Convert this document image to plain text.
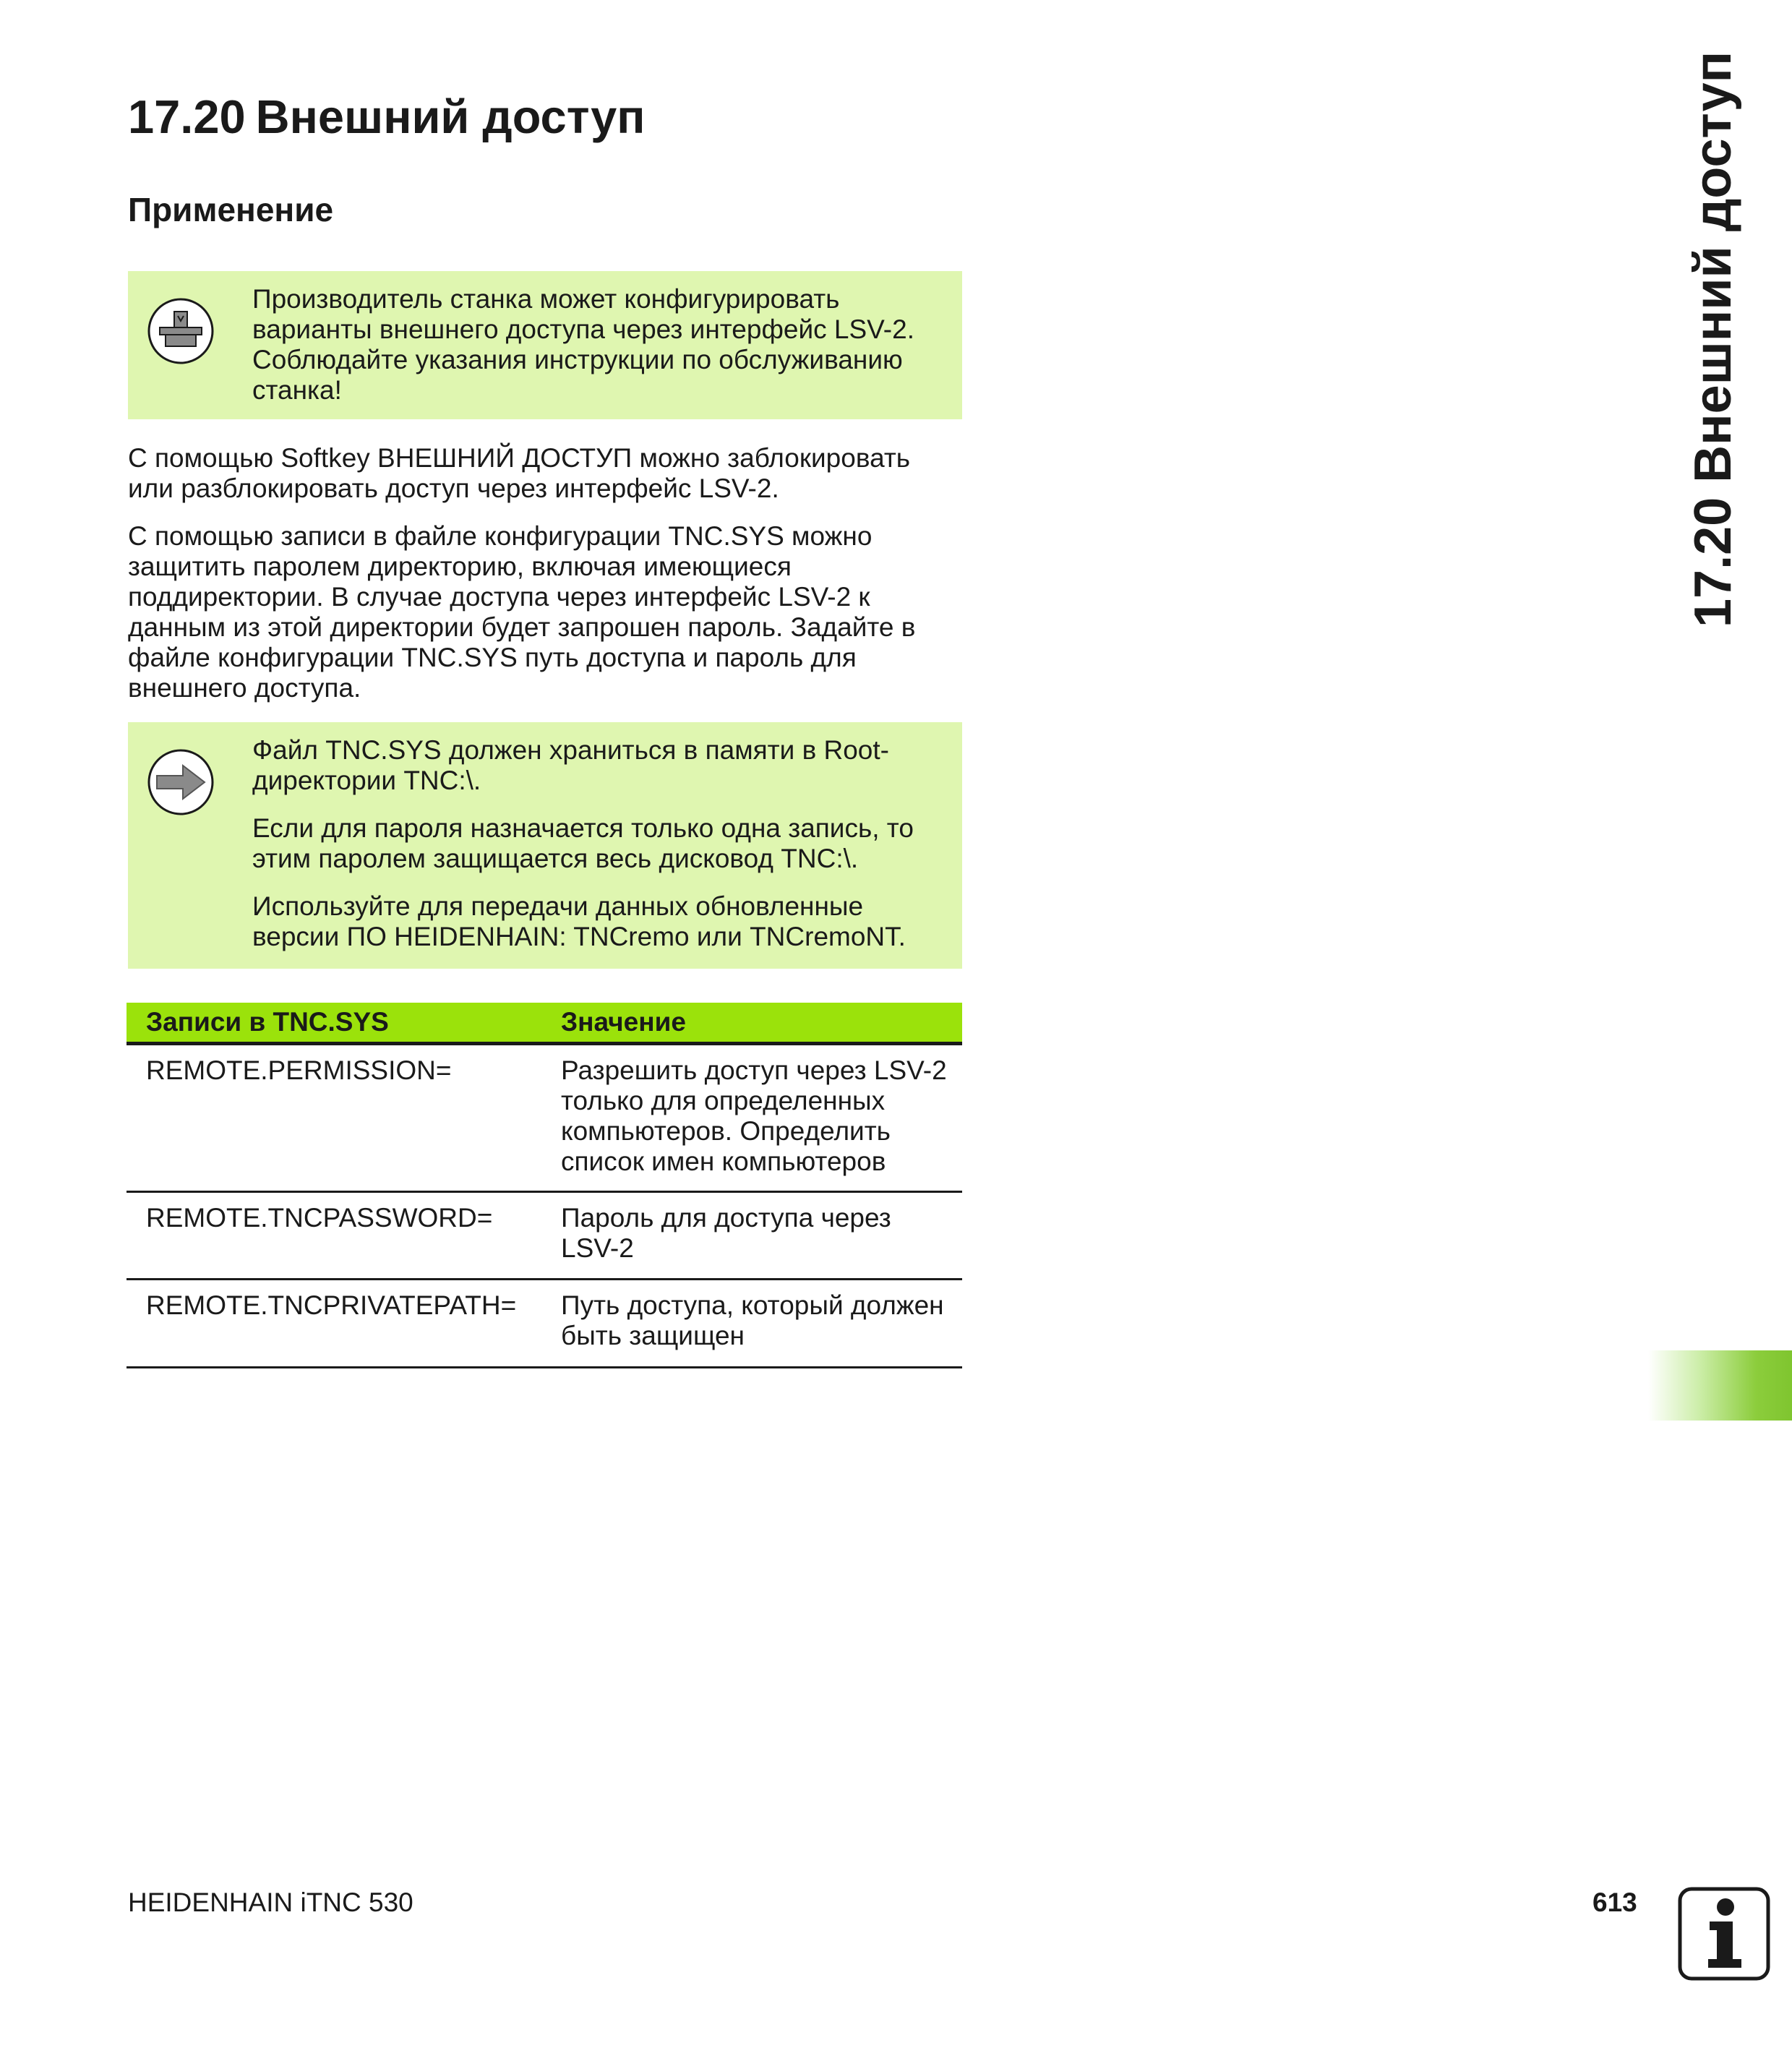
17.20 Внешний доступ
Применение

Производитель станка может конфигурировать
варианты внешнего доступа через интерфейс LSV-2.
Соблюдайте указания инструкции по обслуживанию
станка!

С помощью Softkey ВНЕШНИЙ ДОСТУП можно заблокировать
или разблокировать доступ через интерфейс LSV-2.

С помощью записи в файле конфигурации TNC.SYS можно
защитить паролем директорию, включая имеющиеся
поддиректории. В случае доступа через интерфейс LSV-2 к
данным из этой директории будет запрошен пароль. Задайте в
файле конфигурации TNC.SYS путь доступа и пароль для
внешнего доступа.

Файл TNC.SYS должен храниться в памяти в Root-
директории TNC:\.

Если для пароля назначается только одна запись, то
этим паролем защищается весь дисковод TNC:\.

Используйте для передачи данных обновленные
версии ПО HEIDENHAIN: TNCremo или TNCremoNT.

Записи в TNC.SYS	Значение
REMOTE.PERMISSION=	Разрешить доступ через LSV-2
только для определенных
компьютеров. Определить
список имен компьютеров
REMOTE.TNCPASSWORD=	Пароль для доступа через
LSV-2
REMOTE.TNCPRIVATEPATH= Путь доступа, который должен
быть защищен
17.20 Внешний доступ
HEIDENHAIN iTNC 530	613
